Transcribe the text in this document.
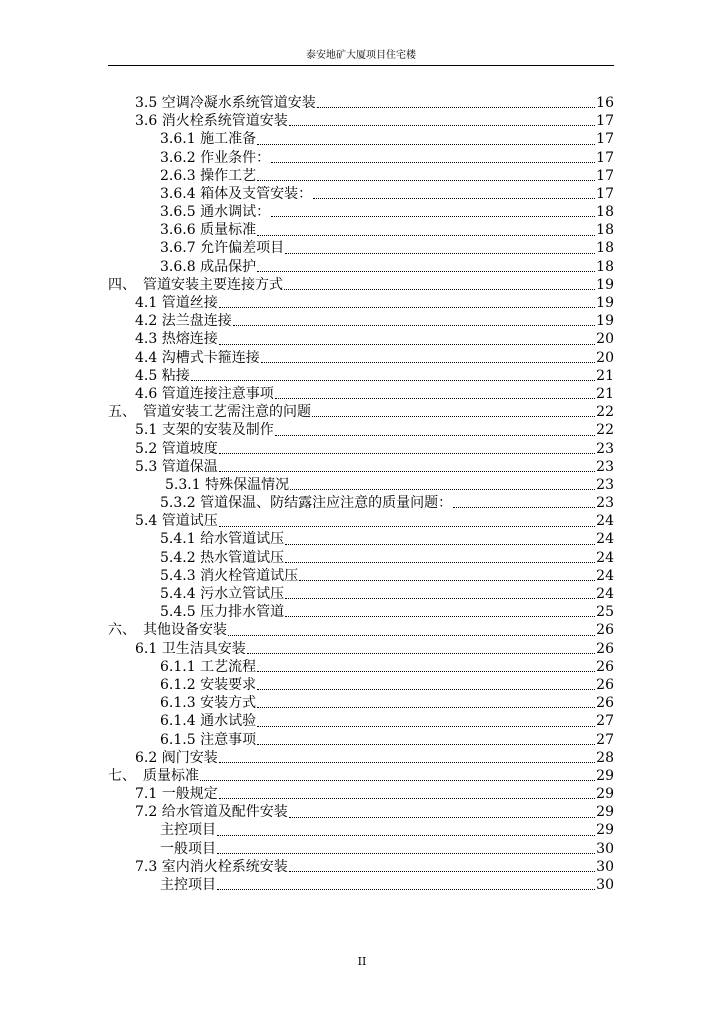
泰安地矿大厦项目住宅楼
3.5 空调冷凝水系统管道安装	16
3.6 消火栓系统管道安装	17
3.6.1 施工准备	17
3.6.2 作业条件：	17
2.6.3 操作工艺	17
3.6.4 箱体及支管安装：	17
3.6.5 通水调试：	18
3.6.6 质量标准	18
3.6.7 允许偏差项目	18
3.6.8 成品保护	18
四、　管道安装主要连接方式	19
4.1 管道丝接	19
4.2 法兰盘连接	19
4.3 热熔连接	20
4.4 沟槽式卡箍连接	20
4.5 粘接	21
4.6 管道连接注意事项	21
五、　管道安装工艺需注意的问题	22
5.1 支架的安装及制作	22
5.2 管道坡度	23
5.3 管道保温	23
5.3.1 特殊保温情况	23
5.3.2 管道保温、防结露注应注意的质量问题：	23
5.4 管道试压	24
5.4.1 给水管道试压	24
5.4.2 热水管道试压	24
5.4.3 消火栓管道试压	24
5.4.4 污水立管试压	24
5.4.5 压力排水管道	25
六、　其他设备安装	26
6.1 卫生洁具安装	26
6.1.1 工艺流程	26
6.1.2 安装要求	26
6.1.3 安装方式	26
6.1.4 通水试验	27
6.1.5 注意事项	27
6.2 阀门安装	28
七、　质量标准	29
7.1 一般规定	29
7.2 给水管道及配件安装	29
主控项目	29
一般项目	30
7.3 室内消火栓系统安装	30
主控项目	30
II
